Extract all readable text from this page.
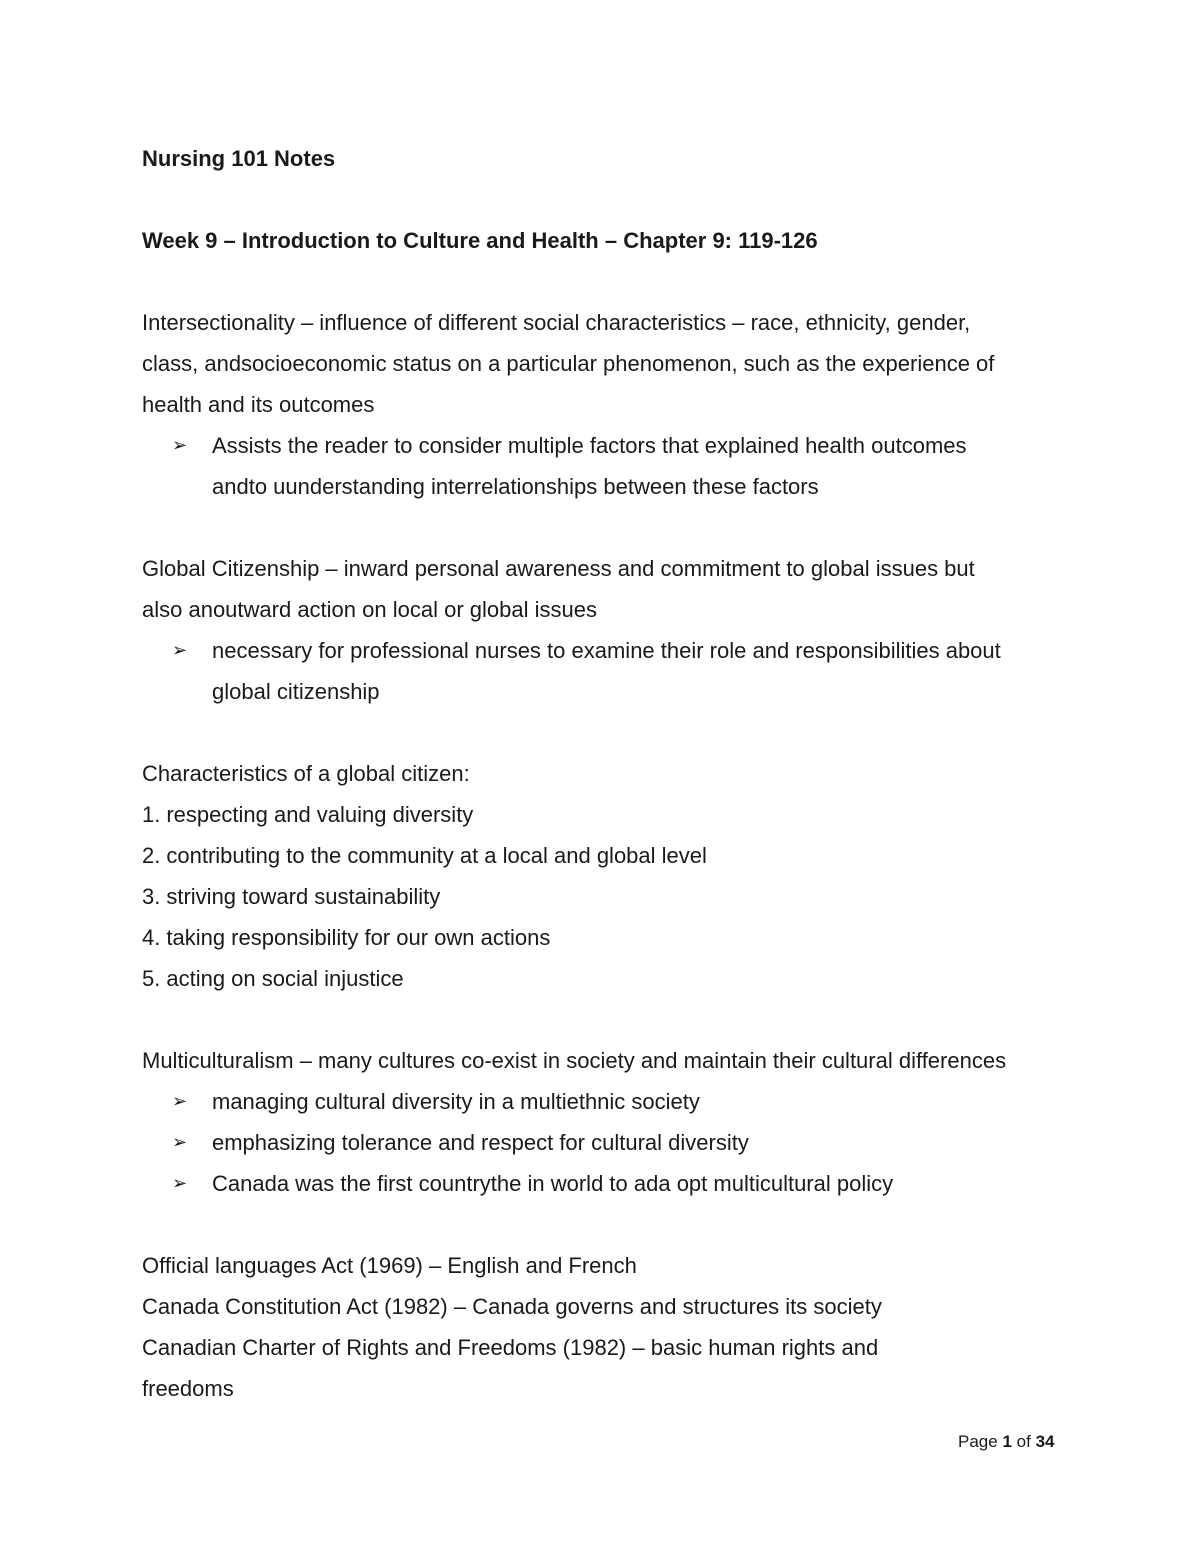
Nursing 101 Notes

Week 9 – Introduction to Culture and Health – Chapter 9: 119-126

Intersectionality – influence of different social characteristics – race, ethnicity, gender,

class, andsocioeconomic status on a particular phenomenon, such as the experience of

health and its outcomes

➢ Assists the reader to consider multiple factors that explained health outcomes
andto uunderstanding interrelationships between these factors

Global Citizenship – inward personal awareness and commitment to global issues but

also anoutward action on local or global issues

➢ necessary for professional nurses to examine their role and responsibilities about
global citizenship

Characteristics of a global citizen:

1. respecting and valuing diversity

2. contributing to the community at a local and global level

3. striving toward sustainability

4. taking responsibility for our own actions

5. acting on social injustice

Multiculturalism – many cultures co-exist in society and maintain their cultural differences

➢ managing cultural diversity in a multiethnic society
➢ emphasizing tolerance and respect for cultural diversity
➢ Canada was the first countrythe in world to ada opt multicultural policy

Official languages Act (1969) – English and French

Canada Constitution Act (1982) – Canada governs and structures its society

Canadian Charter of Rights and Freedoms (1982) – basic human rights and

freedoms

Page 1 of 34
